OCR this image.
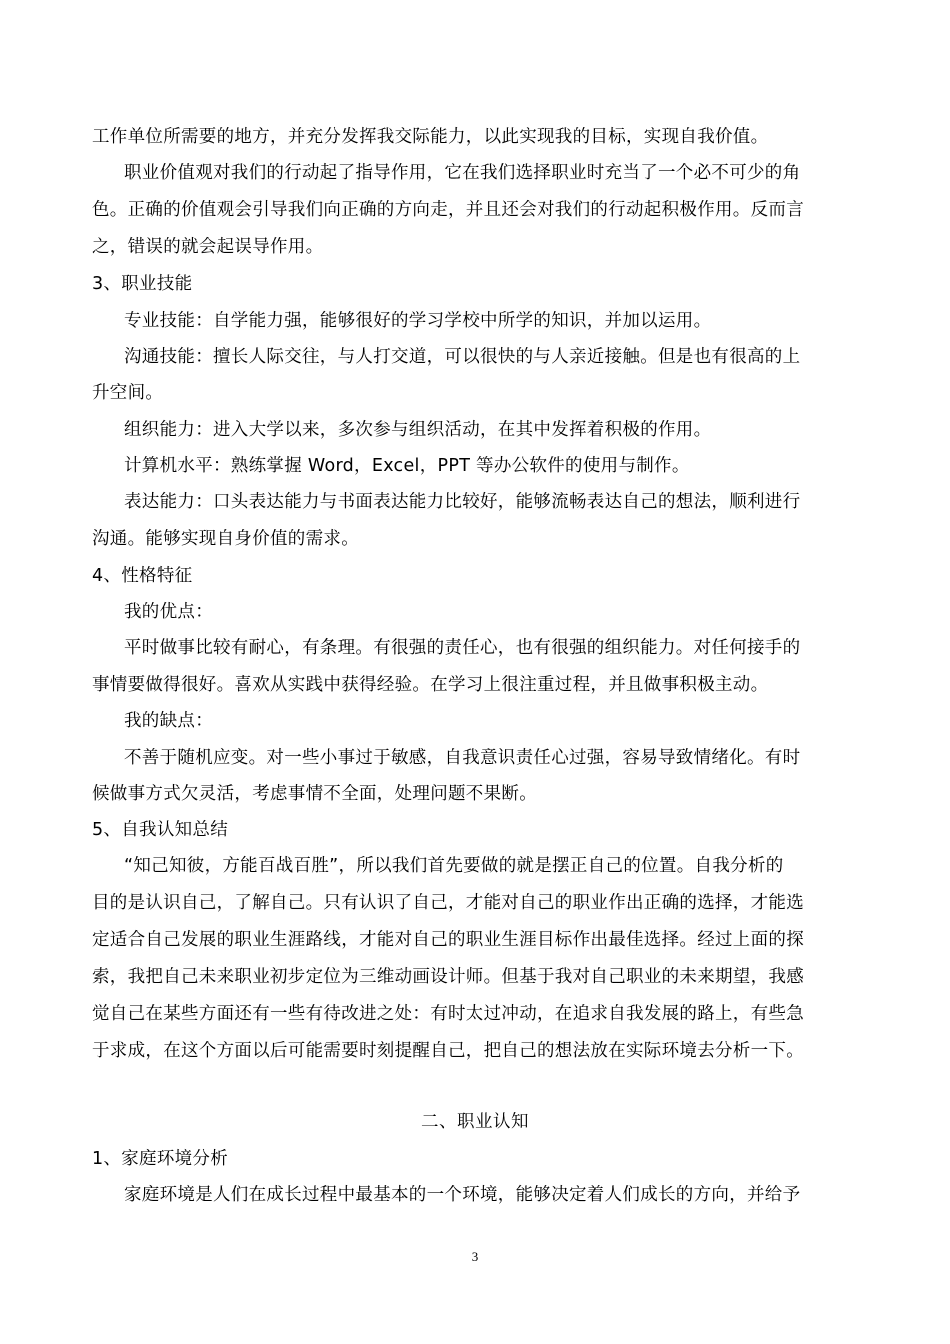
工作单位所需要的地方，并充分发挥我交际能力，以此实现我的目标，实现自我价值。
职业价值观对我们的行动起了指导作用，它在我们选择职业时充当了一个必不可少的角
色。正确的价值观会引导我们向正确的方向走，并且还会对我们的行动起积极作用。反而言
之，错误的就会起误导作用。
3、职业技能
专业技能：自学能力强，能够很好的学习学校中所学的知识，并加以运用。
沟通技能：擅长人际交往，与人打交道，可以很快的与人亲近接触。但是也有很高的上
升空间。
组织能力：进入大学以来，多次参与组织活动，在其中发挥着积极的作用。
计算机水平：熟练掌握 Word，Excel，PPT 等办公软件的使用与制作。
表达能力：口头表达能力与书面表达能力比较好，能够流畅表达自己的想法，顺利进行
沟通。能够实现自身价值的需求。
4、性格特征
我的优点：
平时做事比较有耐心，有条理。有很强的责任心，也有很强的组织能力。对任何接手的
事情要做得很好。喜欢从实践中获得经验。在学习上很注重过程，并且做事积极主动。
我的缺点：
不善于随机应变。对一些小事过于敏感，自我意识责任心过强，容易导致情绪化。有时
候做事方式欠灵活，考虑事情不全面，处理问题不果断。
5、自我认知总结
“知己知彼，方能百战百胜”，所以我们首先要做的就是摆正自己的位置。自我分析的
目的是认识自己，了解自己。只有认识了自己，才能对自己的职业作出正确的选择，才能选
定适合自己发展的职业生涯路线，才能对自己的职业生涯目标作出最佳选择。经过上面的探
索，我把自己未来职业初步定位为三维动画设计师。但基于我对自己职业的未来期望，我感
觉自己在某些方面还有一些有待改进之处：有时太过冲动，在追求自我发展的路上，有些急
于求成，在这个方面以后可能需要时刻提醒自己，把自己的想法放在实际环境去分析一下。
二、职业认知
1、家庭环境分析
家庭环境是人们在成长过程中最基本的一个环境，能够决定着人们成长的方向，并给予
3
